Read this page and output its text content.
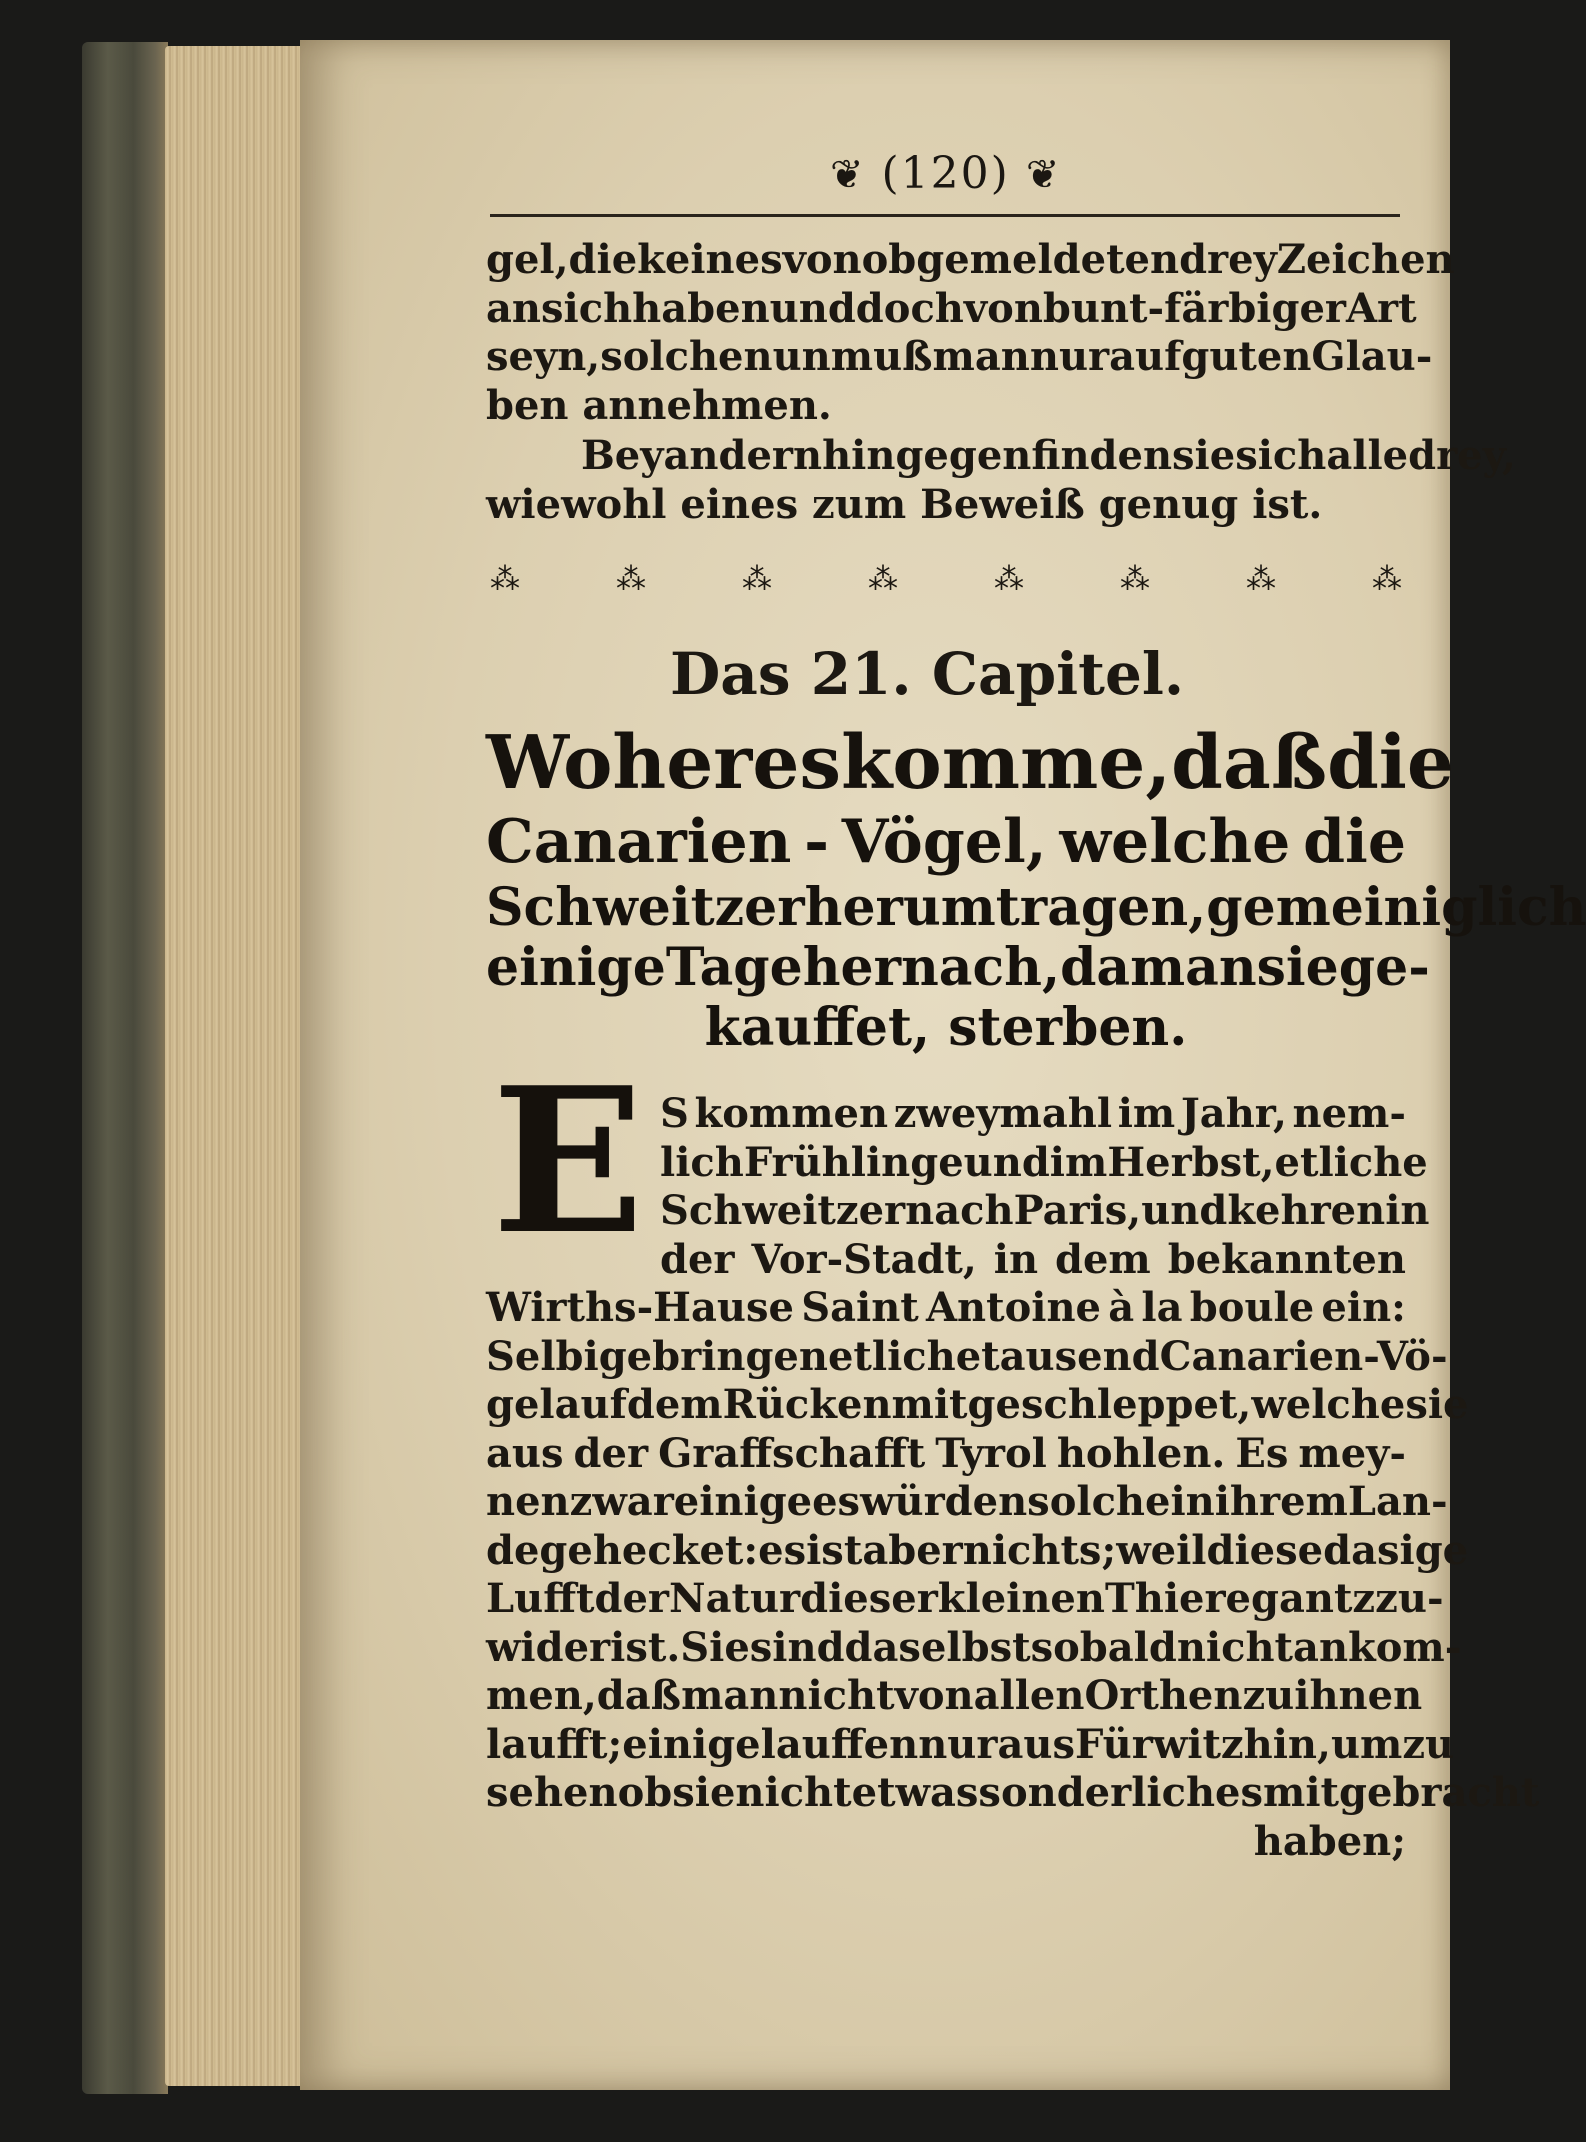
❦ (120) ❦
gel, die keines von obgemeldeten drey Zeichen
an sich haben und doch von bunt-färbiger Art
seyn, solche nun muß man nur auf guten Glau-
ben annehmen.
Bey andern hingegen finden sie sich alle drey,
wiewohl eines zum Beweiß genug ist.
⁂	⁂	⁂	⁂	⁂	⁂	⁂	⁂
Das 21. Capitel.
Woher es komme, daß die
Canarien - Vögel, welche die
Schweitzer herum tragen, gemeiniglich
einige Tage hernach, da man sie ge-
kauffet, sterben.
E S kommen zweymahl im Jahr, nem-
lich Frühlinge und im Herbst, etliche
Schweitzer nach Paris, und kehren in
der Vor-Stadt, in dem bekannten
Wirths-Hause Saint Antoine à la boule ein:
Selbige bringen etliche tausend Canarien-Vö-
gel auf dem Rücken mitgeschleppet, welche sie
aus der Graffschafft Tyrol hohlen. Es mey-
nen zwar einige es würden solche in ihrem Lan-
de gehecket: es ist aber nichts; weil diese dasige
Lufft der Natur dieser kleinen Thiere gantz zu-
wider ist. Sie sind daselbst so bald nicht ankom-
men, daß man nicht von allen Orthen zu ihnen
laufft; einige lauffen nur aus Fürwitz hin, um zu
sehen ob sie nicht etwas sonderliches mitgebracht
haben;
